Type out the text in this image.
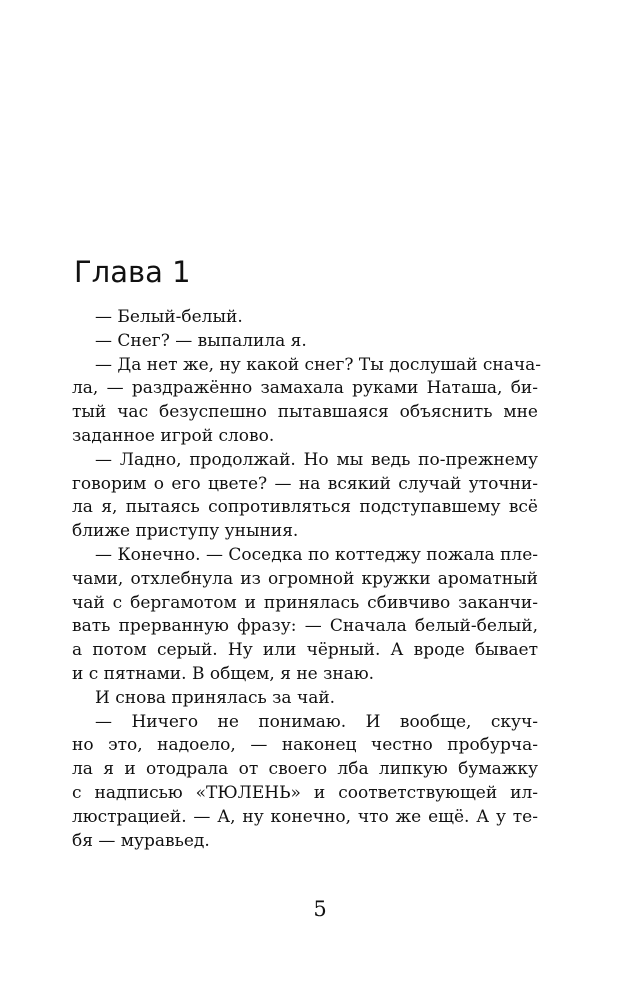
Глава 1
— Белый-белый.
— Снег? — выпалила я.
— Да нет же, ну какой снег? Ты дослушай снача-
ла, — раздражённо замахала руками Наташа, би-
тый час безуспешно пытавшаяся объяснить мне
заданное игрой слово.
— Ладно, продолжай. Но мы ведь по-прежнему
говорим о его цвете? — на всякий случай уточни-
ла я, пытаясь сопротивляться подступавшему всё
ближе приступу уныния.
— Конечно. — Соседка по коттеджу пожала пле-
чами, отхлебнула из огромной кружки ароматный
чай с бергамотом и принялась сбивчиво заканчи-
вать прерванную фразу: — Сначала белый-белый,
а потом серый. Ну или чёрный. А вроде бывает
и с пятнами. В общем, я не знаю.
И снова принялась за чай.
— Ничего не понимаю. И вообще, скуч-
но это, надоело, — наконец честно пробурча-
ла я и отодрала от своего лба липкую бумажку
с надписью «ТЮЛЕНЬ» и соответствующей ил-
люстрацией. — А, ну конечно, что же ещё. А у те-
бя — муравьед.
5
